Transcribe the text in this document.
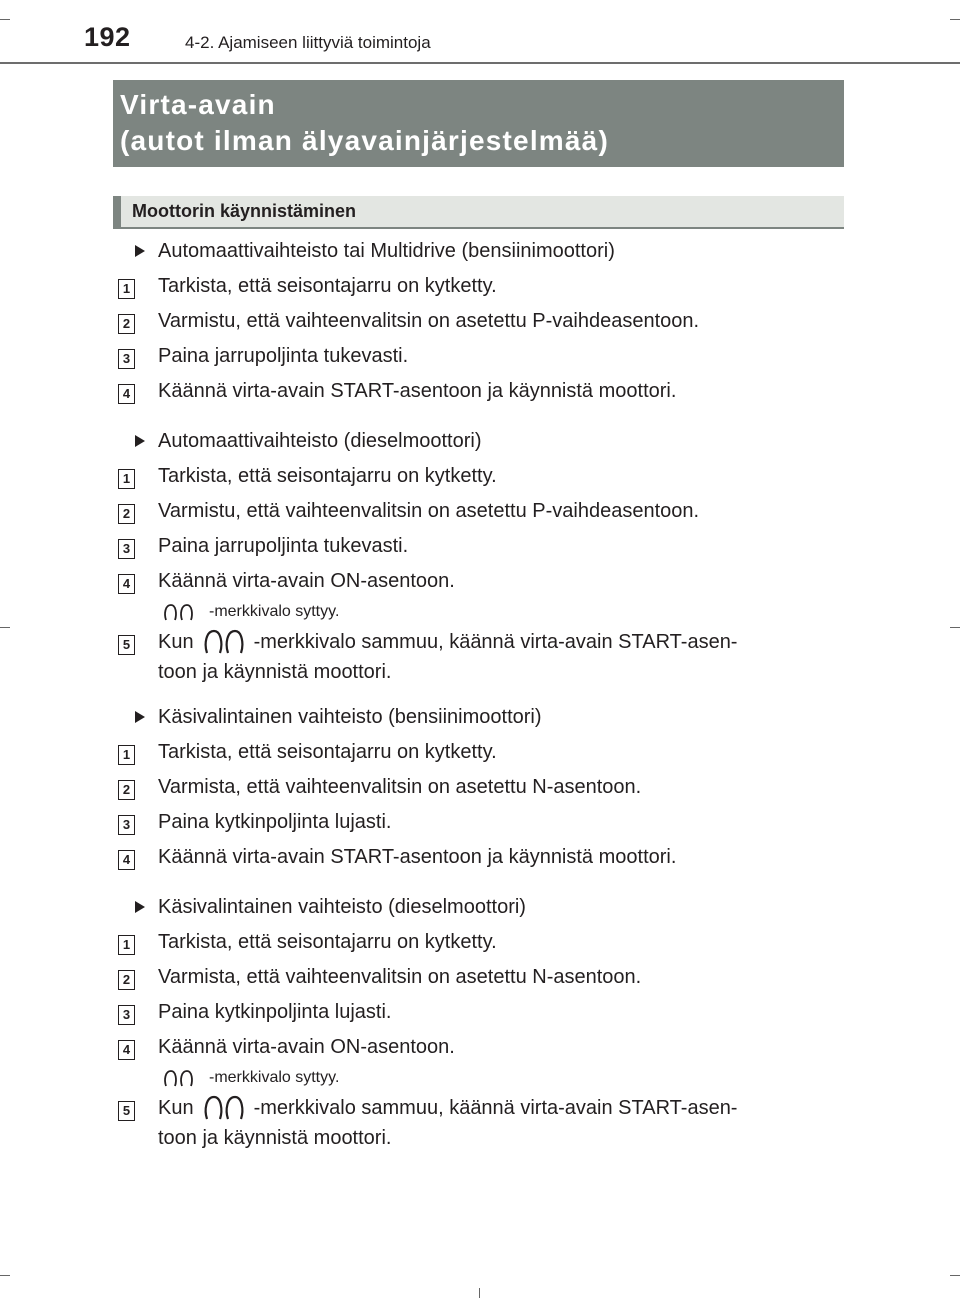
192	4-2. Ajamiseen liittyviä toimintoja
Virta-avain
(autot ilman älyavainjärjestelmää)
Moottorin käynnistäminen
Automaattivaihteisto tai Multidrive (bensiinimoottori)
1 Tarkista, että seisontajarru on kytketty.
2 Varmistu, että vaihteenvalitsin on asetettu P-vaihdeasentoon.
3 Paina jarrupoljinta tukevasti.
4 Käännä virta-avain START-asentoon ja käynnistä moottori.
Automaattivaihteisto (dieselmoottori)
1 Tarkista, että seisontajarru on kytketty.
2 Varmistu, että vaihteenvalitsin on asetettu P-vaihdeasentoon.
3 Paina jarrupoljinta tukevasti.
4 Käännä virta-avain ON-asentoon.
-merkkivalo syttyy.
5 Kun	-merkkivalo sammuu, käännä virta-avain START-asen-
toon ja käynnistä moottori.
Käsivalintainen vaihteisto (bensiinimoottori)
1 Tarkista, että seisontajarru on kytketty.
2 Varmista, että vaihteenvalitsin on asetettu N-asentoon.
3 Paina kytkinpoljinta lujasti.
4 Käännä virta-avain START-asentoon ja käynnistä moottori.
Käsivalintainen vaihteisto (dieselmoottori)
1 Tarkista, että seisontajarru on kytketty.
2 Varmista, että vaihteenvalitsin on asetettu N-asentoon.
3 Paina kytkinpoljinta lujasti.
4 Käännä virta-avain ON-asentoon.
-merkkivalo syttyy.
5 Kun	-merkkivalo sammuu, käännä virta-avain START-asen-
toon ja käynnistä moottori.
